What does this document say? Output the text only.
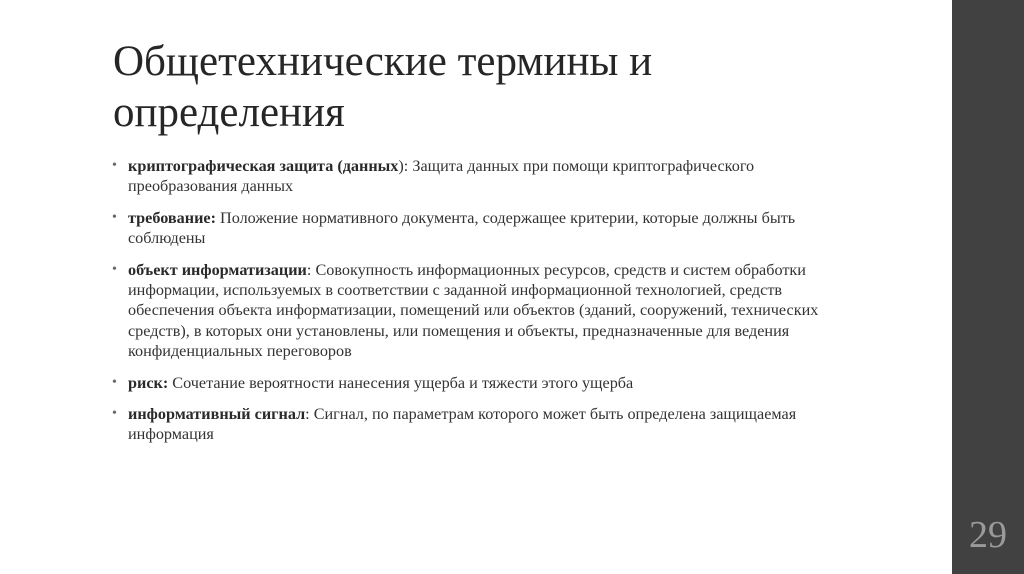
Общетехнические термины и определения
• криптографическая защита (данных): Защита данных при помощи криптографического преобразования данных
• требование: Положение нормативного документа, содержащее критерии, которые должны быть соблюдены
• объект информатизации: Совокупность информационных ресурсов, средств и систем обработки информации, используемых в соответствии с заданной информационной технологией, средств обеспечения объекта информатизации, помещений или объектов (зданий, сооружений, технических средств), в которых они установлены, или помещения и объекты, предназначенные для ведения конфиденциальных переговоров
• риск: Сочетание вероятности нанесения ущерба и тяжести этого ущерба
• информативный сигнал: Сигнал, по параметрам которого может быть определена защищаемая информация
29
